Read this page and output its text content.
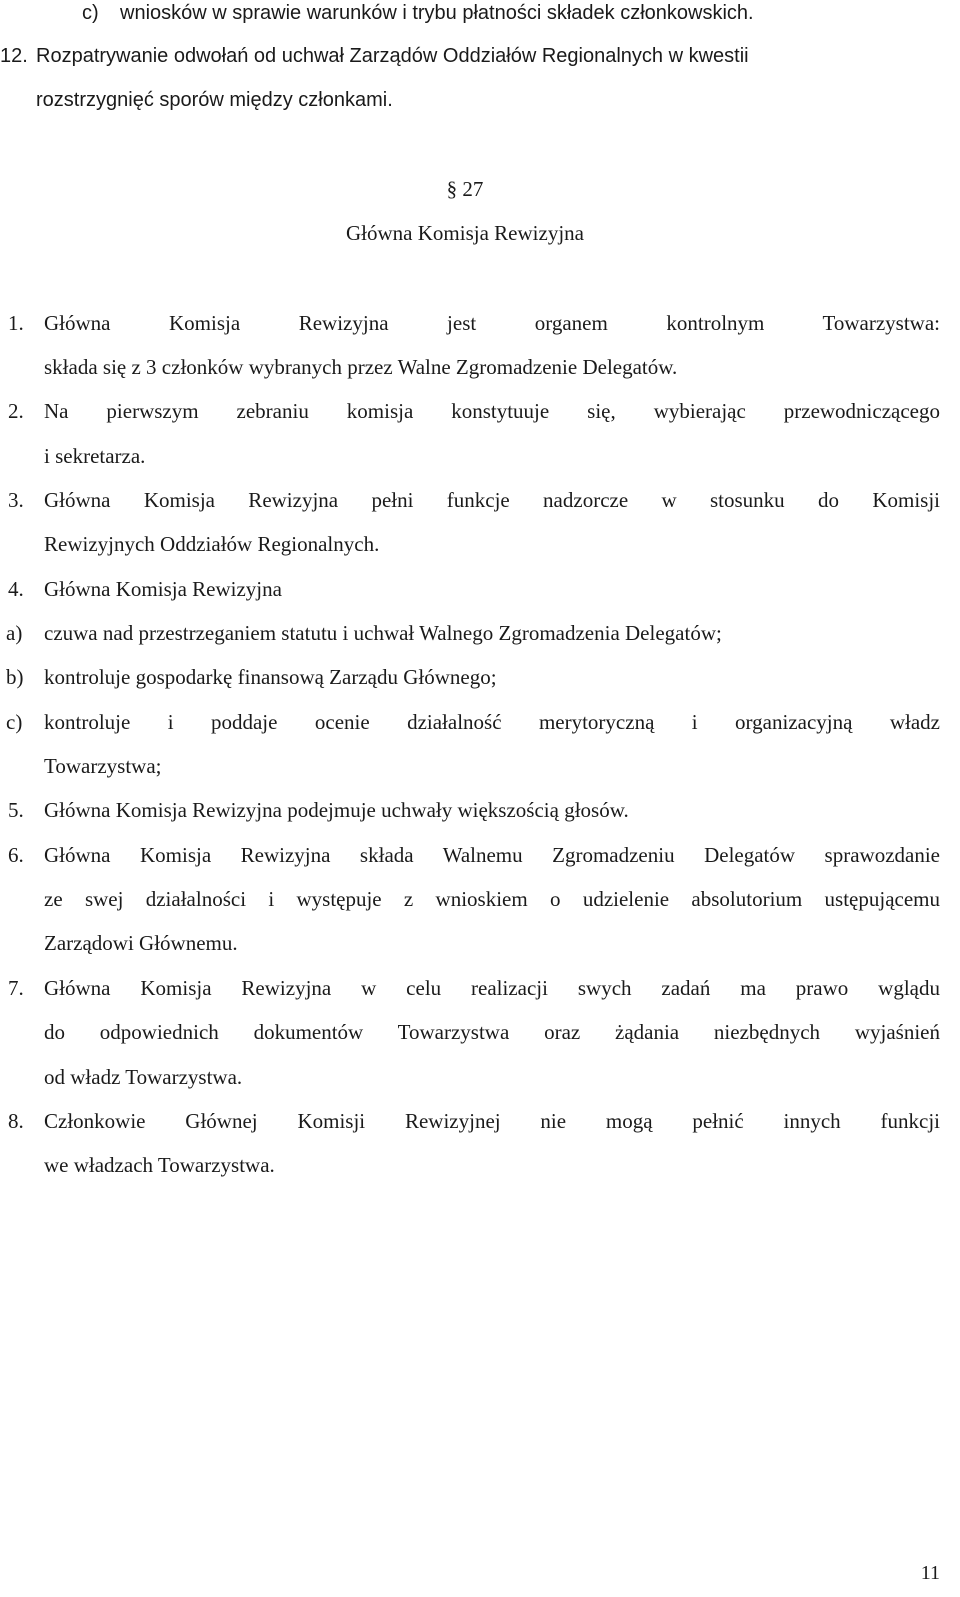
c) wniosków w sprawie warunków i trybu płatności składek członkowskich.
12. Rozpatrywanie odwołań od uchwał Zarządów Oddziałów Regionalnych w kwestii
rozstrzygnięć sporów między członkami.
§ 27
Główna Komisja Rewizyjna
1. Główna Komisja Rewizyjna jest organem kontrolnym Towarzystwa:
składa się z 3 członków wybranych przez Walne Zgromadzenie Delegatów.
2. Na pierwszym zebraniu komisja konstytuuje się, wybierając przewodniczącego
i sekretarza.
3. Główna Komisja Rewizyjna pełni funkcje nadzorcze w stosunku do Komisji
Rewizyjnych Oddziałów Regionalnych.
4. Główna Komisja Rewizyjna
a) czuwa nad przestrzeganiem statutu i uchwał Walnego Zgromadzenia Delegatów;
b) kontroluje gospodarkę finansową Zarządu Głównego;
c) kontroluje i poddaje ocenie działalność merytoryczną i organizacyjną władz
Towarzystwa;
5. Główna Komisja Rewizyjna podejmuje uchwały większością głosów.
6. Główna Komisja Rewizyjna składa Walnemu Zgromadzeniu Delegatów sprawozdanie
ze swej działalności i występuje z wnioskiem o udzielenie absolutorium ustępującemu
Zarządowi Głównemu.
7. Główna Komisja Rewizyjna w celu realizacji swych zadań ma prawo wglądu
do odpowiednich dokumentów Towarzystwa oraz żądania niezbędnych wyjaśnień
od władz Towarzystwa.
8. Członkowie Głównej Komisji Rewizyjnej nie mogą pełnić innych funkcji
we władzach Towarzystwa.
11
